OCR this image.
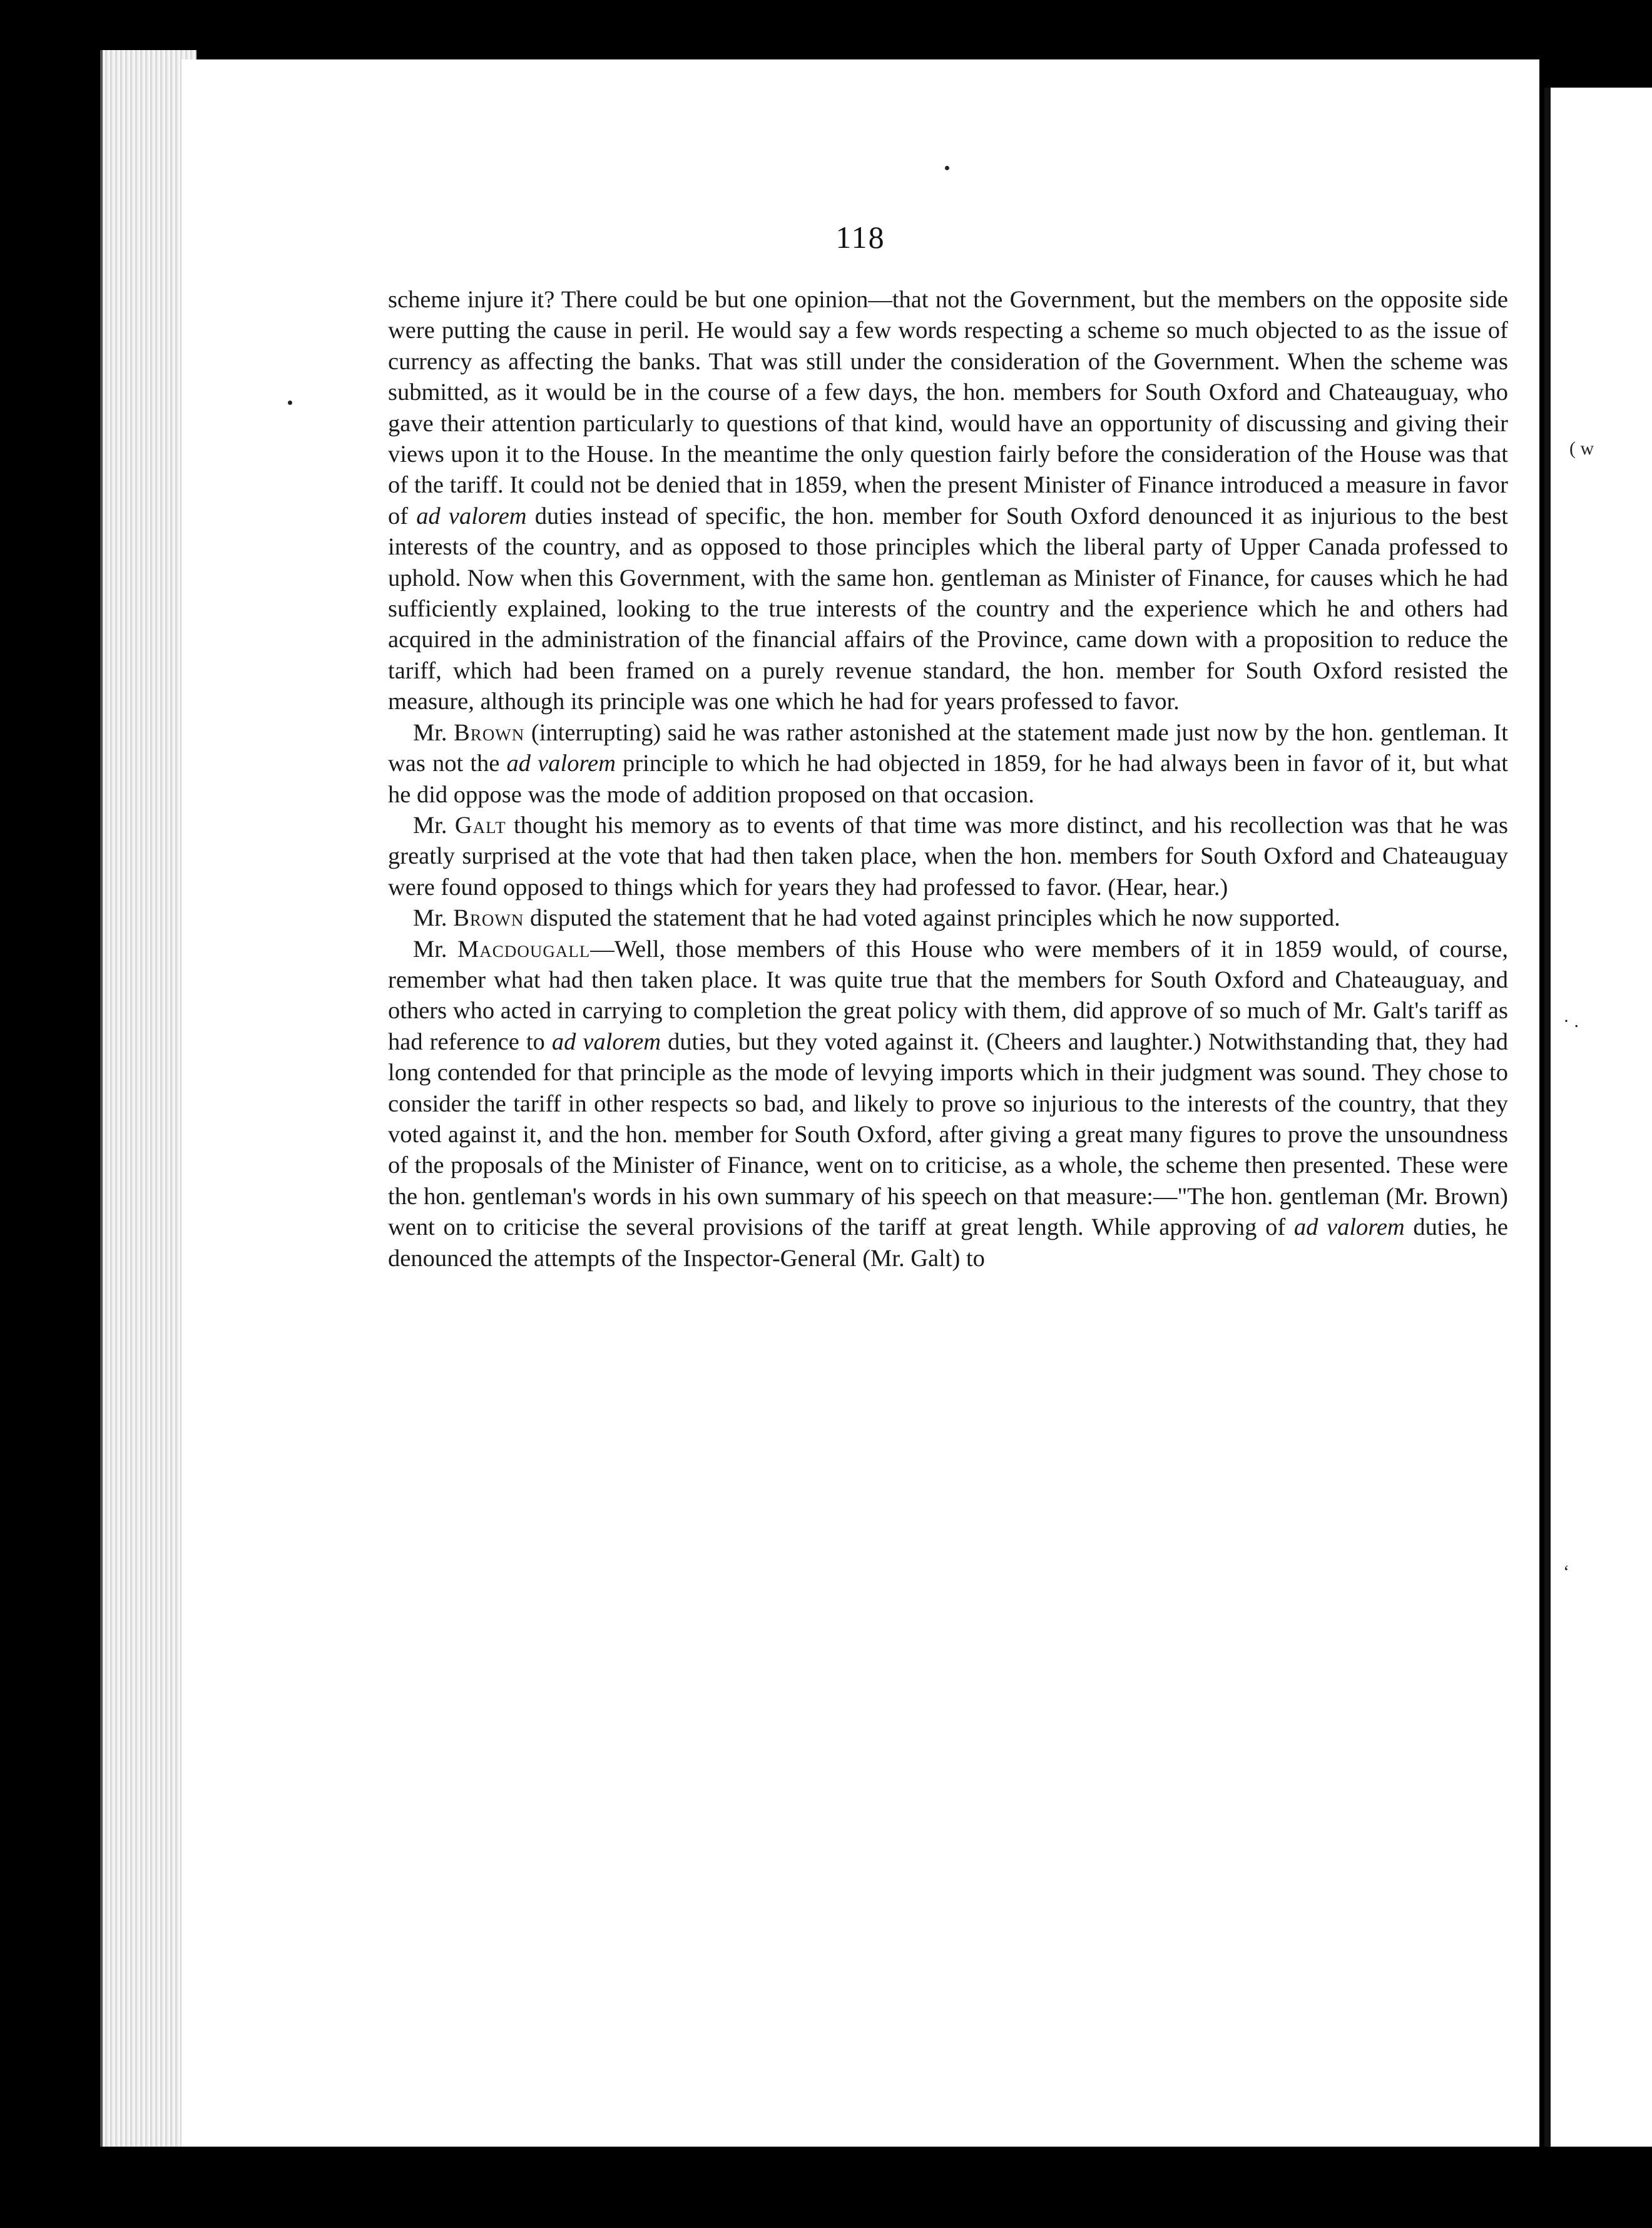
118

scheme injure it? There could be but one opinion—that not the Government, but the members on the opposite side were putting the cause in peril. He would say a few words respecting a scheme so much objected to as the issue of currency as affecting the banks. That was still under the consideration of the Government. When the scheme was submitted, as it would be in the course of a few days, the hon. members for South Oxford and Chateauguay, who gave their attention particularly to questions of that kind, would have an opportunity of discussing and giving their views upon it to the House. In the meantime the only question fairly before the consideration of the House was that of the tariff. It could not be denied that in 1859, when the present Minister of Finance introduced a measure in favor of ad valorem duties instead of specific, the hon. member for South Oxford denounced it as injurious to the best interests of the country, and as opposed to those principles which the liberal party of Upper Canada professed to uphold. Now when this Government, with the same hon. gentleman as Minister of Finance, for causes which he had sufficiently explained, looking to the true interests of the country and the experience which he and others had acquired in the administration of the financial affairs of the Province, came down with a proposition to reduce the tariff, which had been framed on a purely revenue standard, the hon. member for South Oxford resisted the measure, although its principle was one which he had for years professed to favor.

Mr. Brown (interrupting) said he was rather astonished at the statement made just now by the hon. gentleman. It was not the ad valorem principle to which he had objected in 1859, for he had always been in favor of it, but what he did oppose was the mode of addition proposed on that occasion.

Mr. Galt thought his memory as to events of that time was more distinct, and his recollection was that he was greatly surprised at the vote that had then taken place, when the hon. members for South Oxford and Chateauguay were found opposed to things which for years they had professed to favor. (Hear, hear.)

Mr. Brown disputed the statement that he had voted against principles which he now supported.

Mr. Macdougall—Well, those members of this House who were members of it in 1859 would, of course, remember what had then taken place. It was quite true that the members for South Oxford and Chateauguay, and others who acted in carrying to completion the great policy with them, did approve of so much of Mr. Galt's tariff as had reference to ad valorem duties, but they voted against it. (Cheers and laughter.) Notwithstanding that, they had long contended for that principle as the mode of levying imports which in their judgment was sound. They chose to consider the tariff in other respects so bad, and likely to prove so injurious to the interests of the country, that they voted against it, and the hon. member for South Oxford, after giving a great many figures to prove the unsoundness of the proposals of the Minister of Finance, went on to criticise, as a whole, the scheme then presented. These were the hon. gentleman's words in his own summary of his speech on that measure:—"The hon. gentleman (Mr. Brown) went on to criticise the several provisions of the tariff at great length. While approving of ad valorem duties, he denounced the attempts of the Inspector-General (Mr. Galt) to

( w
· .
‘
